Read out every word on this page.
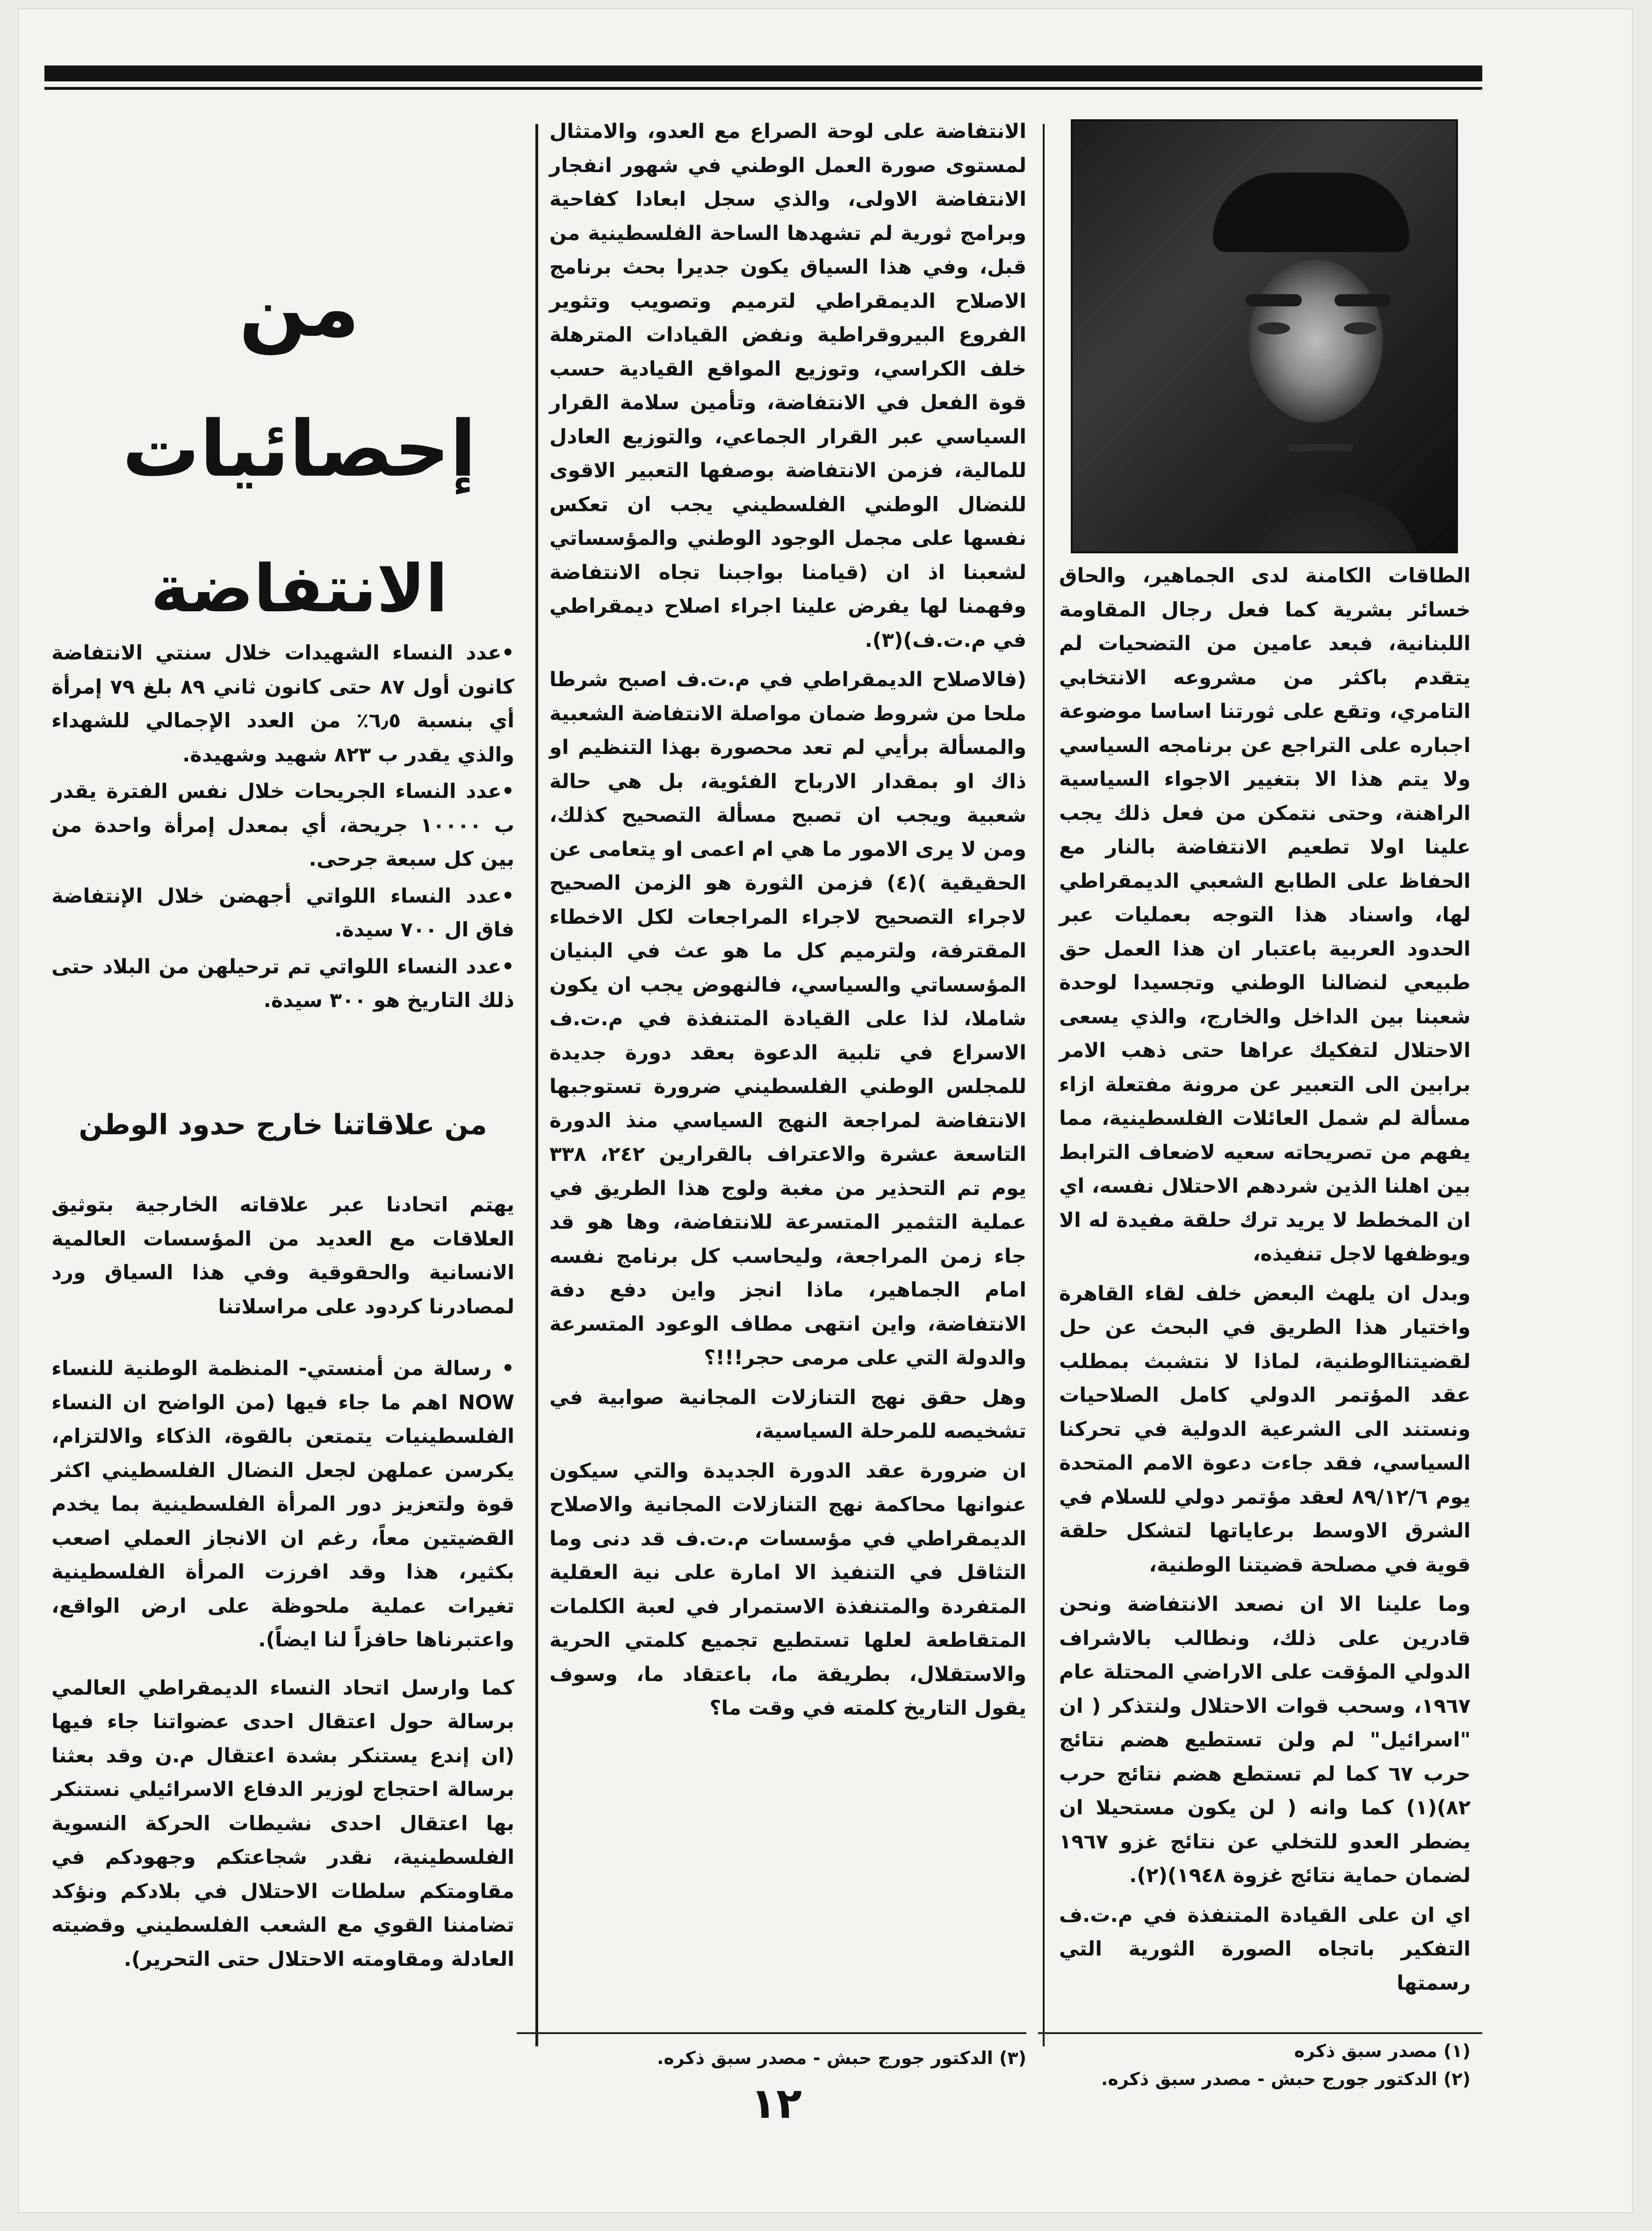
من
إحصائيات
الانتفاضة

• عدد النساء الشهيدات خلال سنتي الانتفاضة كانون أول ٨٧ حتى كانون ثاني ٨٩ بلغ ٧٩ إمرأة أي بنسبة ٦٫٥٪ من العدد الإجمالي للشهداء والذي يقدر ب ٨٢٣ شهيد وشهيدة.

• عدد النساء الجريحات خلال نفس الفترة يقدر ب ١٠٠٠٠ جريحة، أي بمعدل إمرأة واحدة من بين كل سبعة جرحى.

• عدد النساء اللواتي أجهضن خلال الإنتفاضة فاق ال ٧٠٠ سيدة.

• عدد النساء اللواتي تم ترحيلهن من البلاد حتى ذلك التاريخ هو ٣٠٠ سيدة.

من علاقاتنا خارج حدود الوطن

يهتم اتحادنا عبر علاقاته الخارجية بتوثيق العلاقات مع العديد من المؤسسات العالمية الانسانية والحقوقية وفي هذا السياق ورد لمصادرنا كردود على مراسلاتنا

• رسالة من أمنستي- المنظمة الوطنية للنساء NOW اهم ما جاء فيها (من الواضح ان النساء الفلسطينيات يتمتعن بالقوة، الذكاء والالتزام، يكرسن عملهن لجعل النضال الفلسطيني اكثر قوة ولتعزيز دور المرأة الفلسطينية بما يخدم القضيتين معاً، رغم ان الانجاز العملي اصعب بكثير، هذا وقد افرزت المرأة الفلسطينية تغيرات عملية ملحوظة على ارض الواقع، واعتبرناها حافزاً لنا ايضاً).

كما وارسل اتحاد النساء الديمقراطي العالمي برسالة حول اعتقال احدى عضواتنا جاء فيها (ان إندع يستنكر بشدة اعتقال م.ن وقد بعثنا برسالة احتجاج لوزير الدفاع الاسرائيلي نستنكر بها اعتقال احدى نشيطات الحركة النسوية الفلسطينية، نقدر شجاعتكم وجهودكم في مقاومتكم سلطات الاحتلال في بلادكم ونؤكد تضامننا القوي مع الشعب الفلسطيني وقضيته العادلة ومقاومته الاحتلال حتى التحرير).

الانتفاضة على لوحة الصراع مع العدو، والامتثال لمستوى صورة العمل الوطني في شهور انفجار الانتفاضة الاولى، والذي سجل ابعادا كفاحية وبرامج ثورية لم تشهدها الساحة الفلسطينية من قبل، وفي هذا السياق يكون جديرا بحث برنامج الاصلاح الديمقراطي لترميم وتصويب وتثوير الفروع البيروقراطية ونفض القيادات المترهلة خلف الكراسي، وتوزيع المواقع القيادية حسب قوة الفعل في الانتفاضة، وتأمين سلامة القرار السياسي عبر القرار الجماعي، والتوزيع العادل للمالية، فزمن الانتفاضة بوصفها التعبير الاقوى للنضال الوطني الفلسطيني يجب ان تعكس نفسها على مجمل الوجود الوطني والمؤسساتي لشعبنا اذ ان (قيامنا بواجبنا تجاه الانتفاضة وفهمنا لها يفرض علينا اجراء اصلاح ديمقراطي في م.ت.ف)(٣).

(فالاصلاح الديمقراطي في م.ت.ف اصبح شرطا ملحا من شروط ضمان مواصلة الانتفاضة الشعبية والمسألة برأيي لم تعد محصورة بهذا التنظيم او ذاك او بمقدار الارباح الفئوية، بل هي حالة شعبية ويجب ان تصبح مسألة التصحيح كذلك، ومن لا يرى الامور ما هي ام اعمى او يتعامى عن الحقيقية )(٤) فزمن الثورة هو الزمن الصحيح لاجراء التصحيح لاجراء المراجعات لكل الاخطاء المقترفة، ولترميم كل ما هو عث في البنيان المؤسساتي والسياسي، فالنهوض يجب ان يكون شاملا، لذا على القيادة المتنفذة في م.ت.ف الاسراع في تلبية الدعوة بعقد دورة جديدة للمجلس الوطني الفلسطيني ضرورة تستوجبها الانتفاضة لمراجعة النهج السياسي منذ الدورة التاسعة عشرة والاعتراف بالقرارين ٢٤٢، ٣٣٨ يوم تم التحذير من مغبة ولوج هذا الطريق في عملية التثمير المتسرعة للانتفاضة، وها هو قد جاء زمن المراجعة، وليحاسب كل برنامج نفسه امام الجماهير، ماذا انجز واين دفع دفة الانتفاضة، واين انتهى مطاف الوعود المتسرعة والدولة التي على مرمى حجر!!!؟

وهل حقق نهج التنازلات المجانية صوابية في تشخيصه للمرحلة السياسية،

ان ضرورة عقد الدورة الجديدة والتي سيكون عنوانها محاكمة نهج التنازلات المجانية والاصلاح الديمقراطي في مؤسسات م.ت.ف قد دنى وما التثاقل في التنفيذ الا امارة على نية العقلية المتفردة والمتنفذة الاستمرار في لعبة الكلمات المتقاطعة لعلها تستطيع تجميع كلمتي الحرية والاستقلال، بطريقة ما، باعتقاد ما، وسوف يقول التاريخ كلمته في وقت ما؟

الطاقات الكامنة لدى الجماهير، والحاق خسائر بشرية كما فعل رجال المقاومة اللبنانية، فبعد عامين من التضحيات لم يتقدم باكثر من مشروعه الانتخابي التامري، وتقع على ثورتنا اساسا موضوعة اجباره على التراجع عن برنامجه السياسي ولا يتم هذا الا بتغيير الاجواء السياسية الراهنة، وحتى نتمكن من فعل ذلك يجب علينا اولا تطعيم الانتفاضة بالنار مع الحفاظ على الطابع الشعبي الديمقراطي لها، واسناد هذا التوجه بعمليات عبر الحدود العربية باعتبار ان هذا العمل حق طبيعي لنضالنا الوطني وتجسيدا لوحدة شعبنا بين الداخل والخارج، والذي يسعى الاحتلال لتفكيك عراها حتى ذهب الامر برابين الى التعبير عن مرونة مفتعلة ازاء مسألة لم شمل العائلات الفلسطينية، مما يفهم من تصريحاته سعيه لاضعاف الترابط بين اهلنا الذين شردهم الاحتلال نفسه، اي ان المخطط لا يريد ترك حلقة مفيدة له الا ويوظفها لاجل تنفيذه،

وبدل ان يلهث البعض خلف لقاء القاهرة واختيار هذا الطريق في البحث عن حل لقضيتناالوطنية، لماذا لا نتشبث بمطلب عقد المؤتمر الدولي كامل الصلاحيات ونستند الى الشرعية الدولية في تحركنا السياسي، فقد جاءت دعوة الامم المتحدة يوم ٨٩/١٢/٦ لعقد مؤتمر دولي للسلام في الشرق الاوسط برعاياتها لتشكل حلقة قوية في مصلحة قضيتنا الوطنية،

وما علينا الا ان نصعد الانتفاضة ونحن قادرين على ذلك، ونطالب بالاشراف الدولي المؤقت على الاراضي المحتلة عام ١٩٦٧، وسحب قوات الاحتلال ولنتذكر ( ان "اسرائيل" لم ولن تستطيع هضم نتائج حرب ٦٧ كما لم تستطع هضم نتائج حرب ٨٢)(١) كما وانه ( لن يكون مستحيلا ان يضطر العدو للتخلي عن نتائج غزو ١٩٦٧ لضمان حماية نتائج غزوة ١٩٤٨)(٢).

اي ان على القيادة المتنفذة في م.ت.ف التفكير باتجاه الصورة الثورية التي رسمتها

(٣) الدكتور جورج حبش - مصدر سبق ذكره.	(١) مصدر سبق ذكره
(٢) الدكتور جورج حبش - مصدر سبق ذكره.
١٢
